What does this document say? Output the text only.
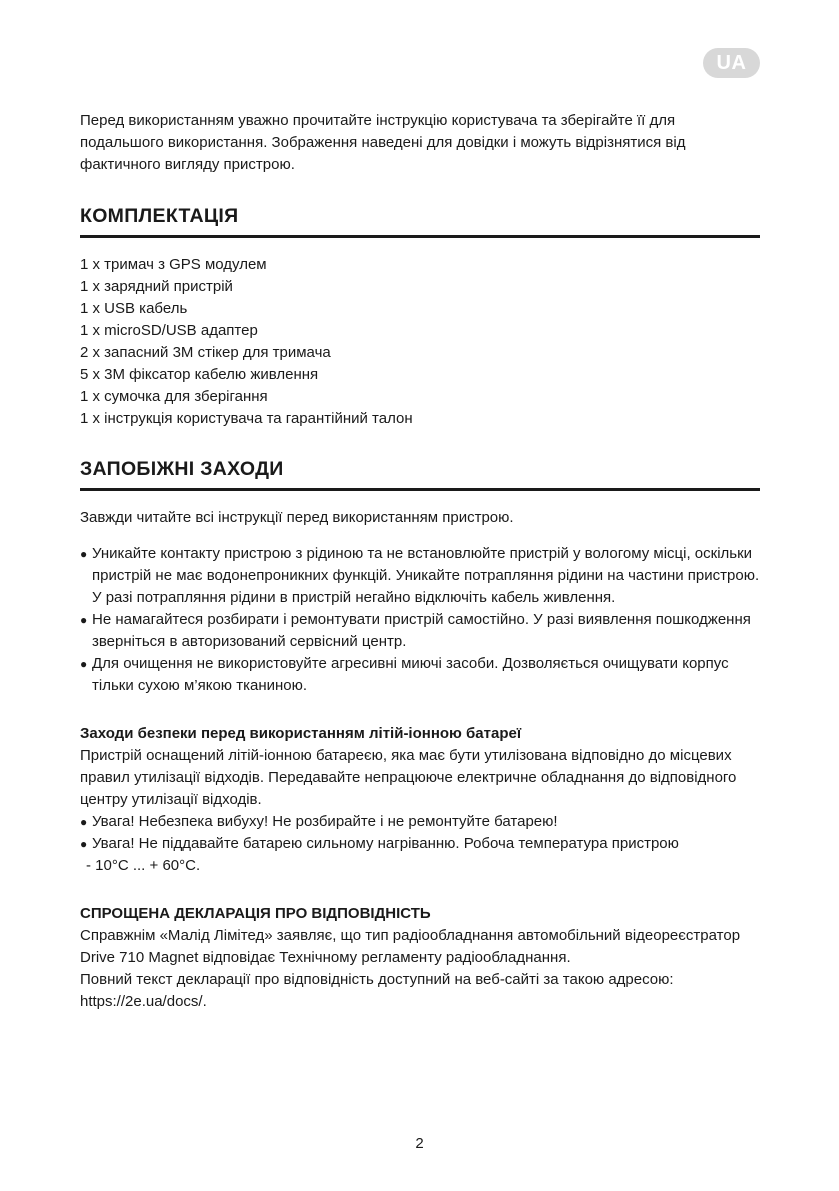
UA

Перед використанням уважно прочитайте інструкцію користувача та зберігайте її для подальшого використання. Зображення наведені для довідки і можуть відрізнятися від фактичного вигляду пристрою.

КОМПЛЕКТАЦІЯ
1 х тримач з GPS модулем
1 х зарядний пристрій
1 х USB кабель
1 х microSD/USB адаптер
2 х запасний 3M стікер для тримача
5 х 3M фіксатор кабелю живлення
1 х сумочка для зберігання
1 х інструкція користувача та гарантійний талон
ЗАПОБІЖНІ ЗАХОДИ

Завжди читайте всі інструкції перед використанням пристрою.

● Уникайте контакту пристрою з рідиною та не встановлюйте пристрій у вологому місці, оскільки пристрій не має водонепроникних функцій. Уникайте потрапляння рідини на частини пристрою. У разі потрапляння рідини в пристрій негайно відключіть кабель живлення.
● Не намагайтеся розбирати і ремонтувати пристрій самостійно. У разі виявлення пошкодження зверніться в авторизований сервісний центр.
● Для очищення не використовуйте агресивні миючі засоби. Дозволяється очищувати корпус тільки сухою м’якою тканиною.

Заходи безпеки перед використанням літій-іонною батареї

Пристрій оснащений літій-іонною батареєю, яка має бути утилізована відповідно до місцевих правил утилізації відходів. Передавайте непрацююче електричне обладнання до відповідного центру утилізації відходів.

● Увага! Небезпека вибуху! Не розбирайте і не ремонтуйте батарею!
● Увага! Не піддавайте батарею сильному нагріванню. Робоча температура пристрою

- 10°C ... + 60°C.

СПРОЩЕНА ДЕКЛАРАЦІЯ ПРО ВІДПОВІДНІСТЬ

Справжнім «Малід Лімітед» заявляє, що тип радіообладнання автомобільний відеореєстратор Drive 710 Magnet відповідає Технічному регламенту радіообладнання.

Повний текст декларації про відповідність доступний на веб-сайті за такою адресою: https://2e.ua/docs/.

2
